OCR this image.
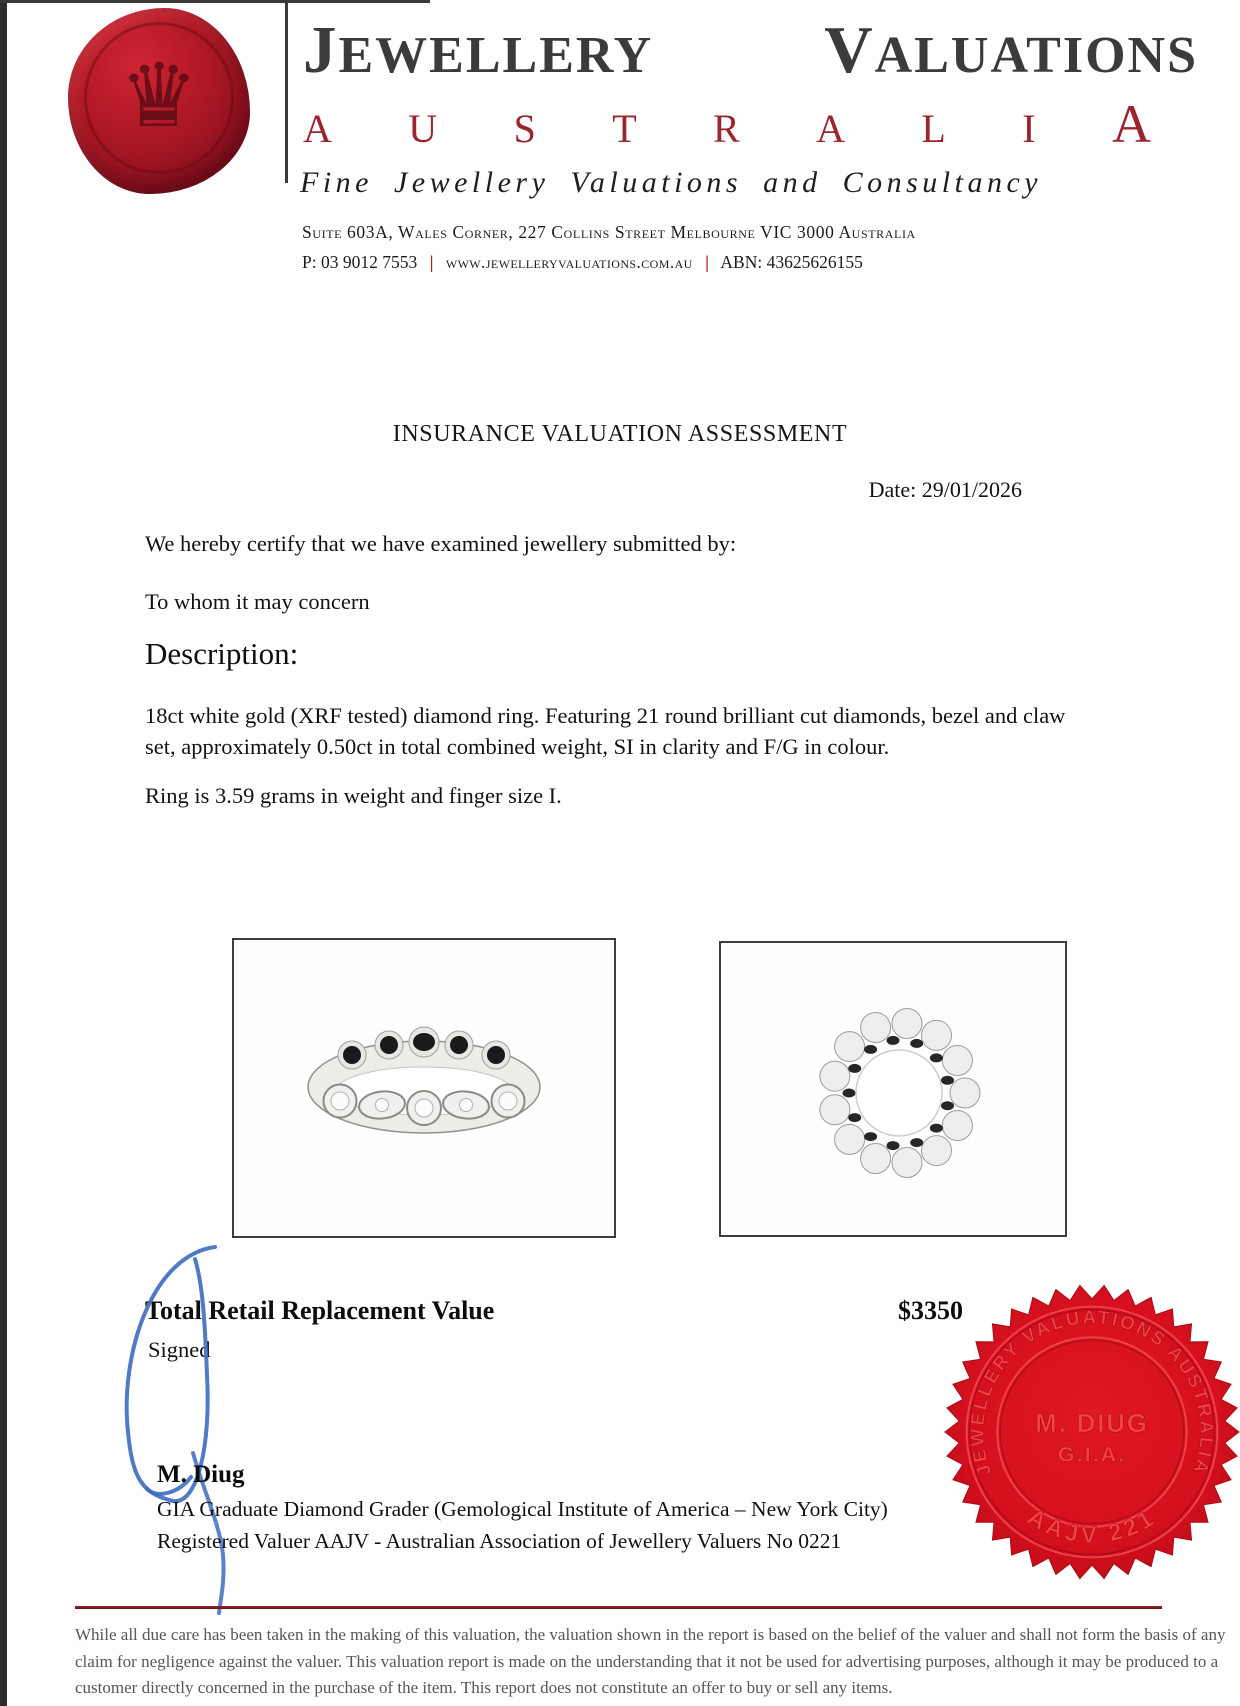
♛	JEWELLERY	VALUATIONS
A U S T R A L I A
Fine Jewellery Valuations and Consultancy
Suite 603A, Wales Corner, 227 Collins Street Melbourne VIC 3000 Australia
P: 03 9012 7553 | www.jewelleryvaluations.com.au | ABN: 43625626155
INSURANCE VALUATION ASSESSMENT
Date: 29/01/2026
We hereby certify that we have examined jewellery submitted by:
To whom it may concern
Description:
18ct white gold (XRF tested) diamond ring. Featuring 21 round brilliant cut diamonds, bezel and claw set, approximately 0.50ct in total combined weight, SI in clarity and F/G in colour.
Ring is 3.59 grams in weight and finger size I.
Total Retail Replacement Value	$3350
Signed
M. Diug
GIA Graduate Diamond Grader (Gemological Institute of America – New York City)
Registered Valuer AAJV - Australian Association of Jewellery Valuers No 0221
JEWELLERY VALUATIONS AUSTRALIA
AAJV 221
M. DIUG
G.I.A.
While all due care has been taken in the making of this valuation, the valuation shown in the report is based on the belief of the valuer and shall not form the basis of any
claim for negligence against the valuer. This valuation report is made on the understanding that it not be used for advertising purposes, although it may be produced to a
customer directly concerned in the purchase of the item. This report does not constitute an offer to buy or sell any items.
